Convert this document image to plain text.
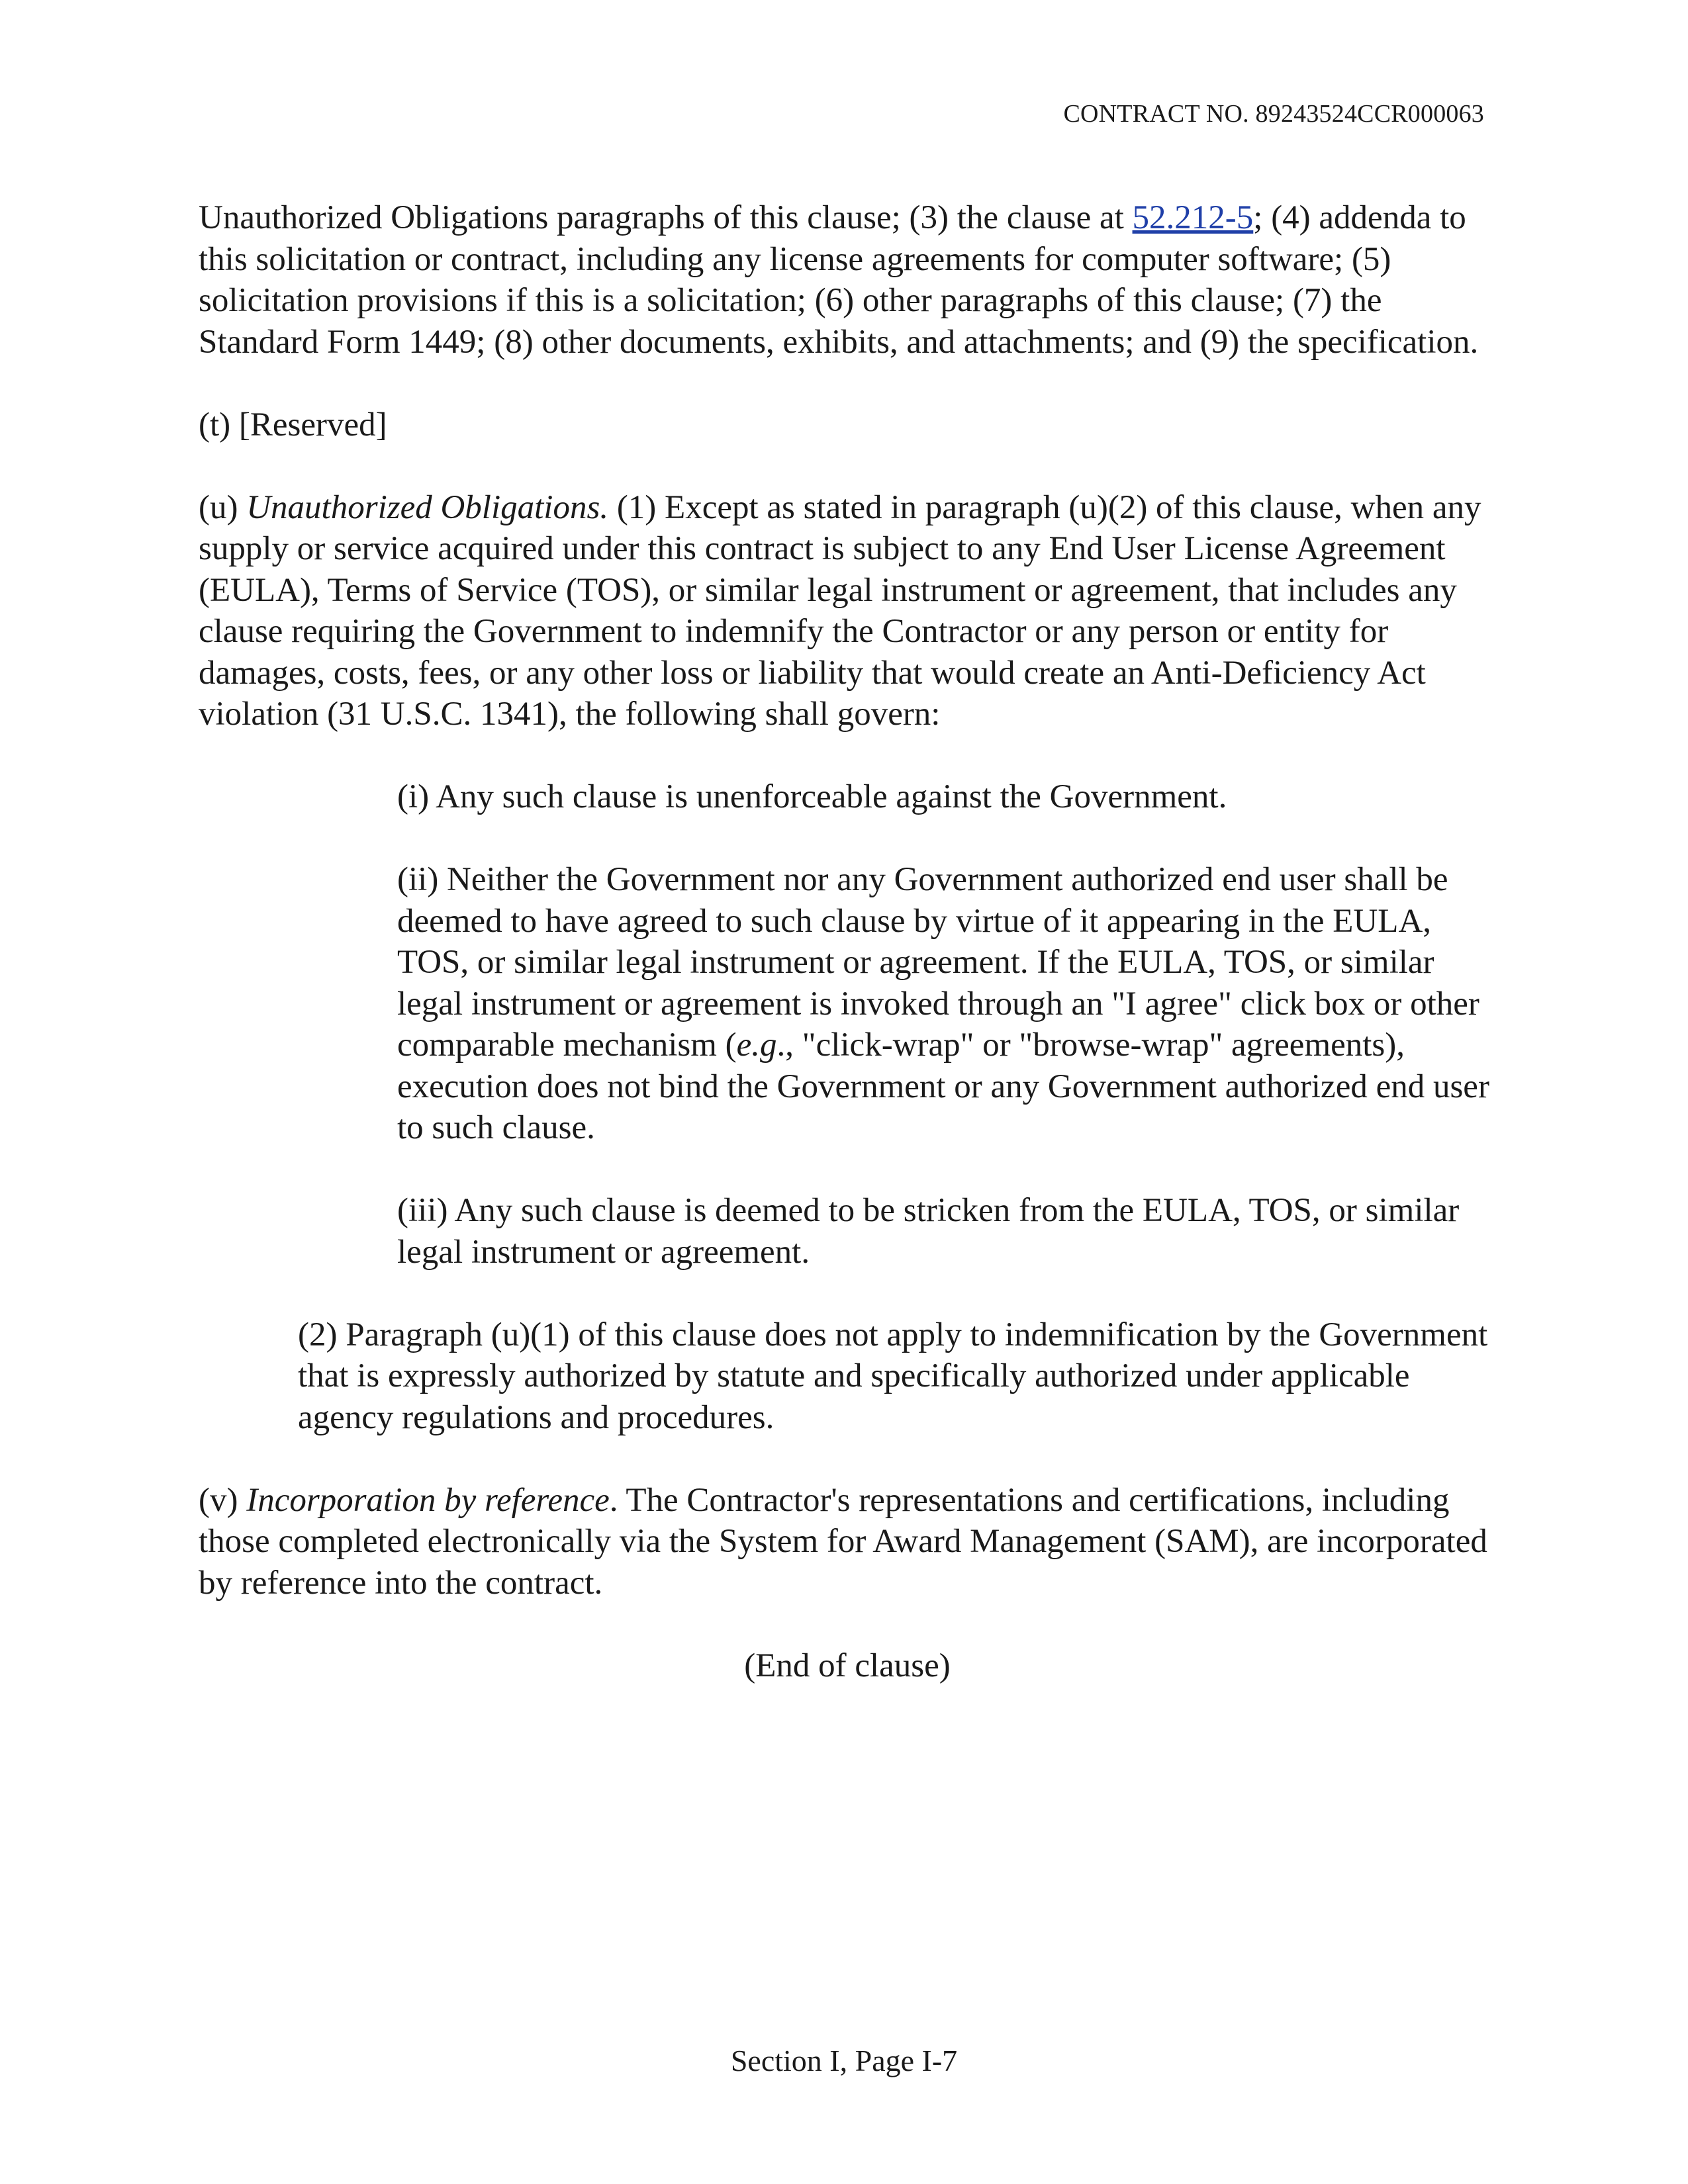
CONTRACT NO. 89243524CCR000063

Unauthorized Obligations paragraphs of this clause; (3) the clause at 52.212-5; (4) addenda to this solicitation or contract, including any license agreements for computer software; (5) solicitation provisions if this is a solicitation; (6) other paragraphs of this clause; (7) the Standard Form 1449; (8) other documents, exhibits, and attachments; and (9) the specification.

(t) [Reserved]

(u) Unauthorized Obligations. (1) Except as stated in paragraph (u)(2) of this clause, when any supply or service acquired under this contract is subject to any End User License Agreement (EULA), Terms of Service (TOS), or similar legal instrument or agreement, that includes any clause requiring the Government to indemnify the Contractor or any person or entity for damages, costs, fees, or any other loss or liability that would create an Anti-Deficiency Act violation (31 U.S.C. 1341), the following shall govern:

(i) Any such clause is unenforceable against the Government.

(ii) Neither the Government nor any Government authorized end user shall be deemed to have agreed to such clause by virtue of it appearing in the EULA, TOS, or similar legal instrument or agreement. If the EULA, TOS, or similar legal instrument or agreement is invoked through an "I agree" click box or other comparable mechanism (e.g., "click-wrap" or "browse-wrap" agreements), execution does not bind the Government or any Government authorized end user to such clause.

(iii) Any such clause is deemed to be stricken from the EULA, TOS, or similar legal instrument or agreement.

(2) Paragraph (u)(1) of this clause does not apply to indemnification by the Government that is expressly authorized by statute and specifically authorized under applicable agency regulations and procedures.

(v) Incorporation by reference. The Contractor's representations and certifications, including those completed electronically via the System for Award Management (SAM), are incorporated by reference into the contract.

(End of clause)

Section I, Page I-7
